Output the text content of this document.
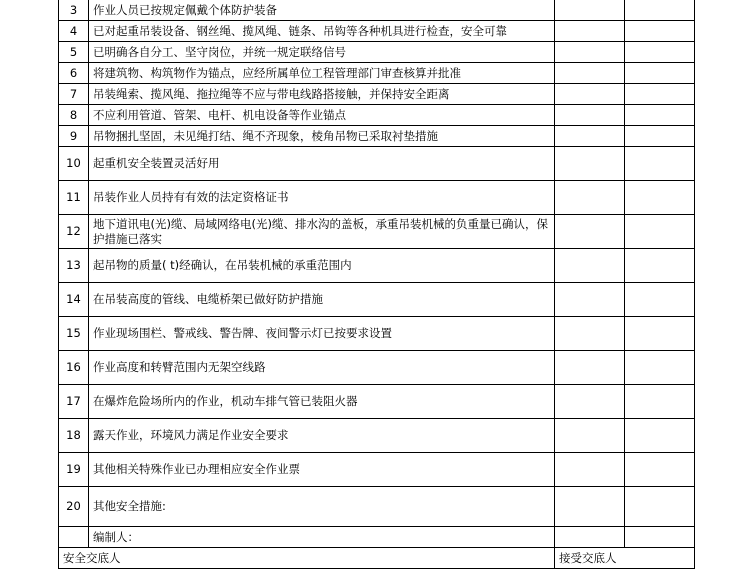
3	作业人员已按规定佩戴个体防护装备		
4	已对起重吊装设备、钢丝绳、揽风绳、链条、吊钩等各种机具进行检查，安全可靠		
5	已明确各自分工、坚守岗位，并统一规定联络信号		
6	将建筑物、构筑物作为锚点，应经所属单位工程管理部门审查核算并批准		
7	吊装绳索、揽风绳、拖拉绳等不应与带电线路搭接触，并保持安全距离		
8	不应利用管道、管架、电杆、机电设备等作业锚点		
9	吊物捆扎坚固，未见绳打结、绳不齐现象，棱角吊物已采取衬垫措施		
10	起重机安全装置灵活好用		
11	吊装作业人员持有有效的法定资格证书		
12	地下道讯电(光)缆、局域网络电(光)缆、排水沟的盖板，承重吊装机械的负重量已确认，保护措施已落实		
13	起吊物的质量( t)经确认，在吊装机械的承重范围内		
14	在吊装高度的管线、电缆桥架已做好防护措施		
15	作业现场围栏、警戒线、警告牌、夜间警示灯已按要求设置		
16	作业高度和转臂范围内无架空线路		
17	在爆炸危险场所内的作业，机动车排气管已装阻火器		
18	露天作业，环境风力满足作业安全要求		
19	其他相关特殊作业已办理相应安全作业票		
20	其他安全措施:		
	编制人：		
安全交底人		接受交底人	
